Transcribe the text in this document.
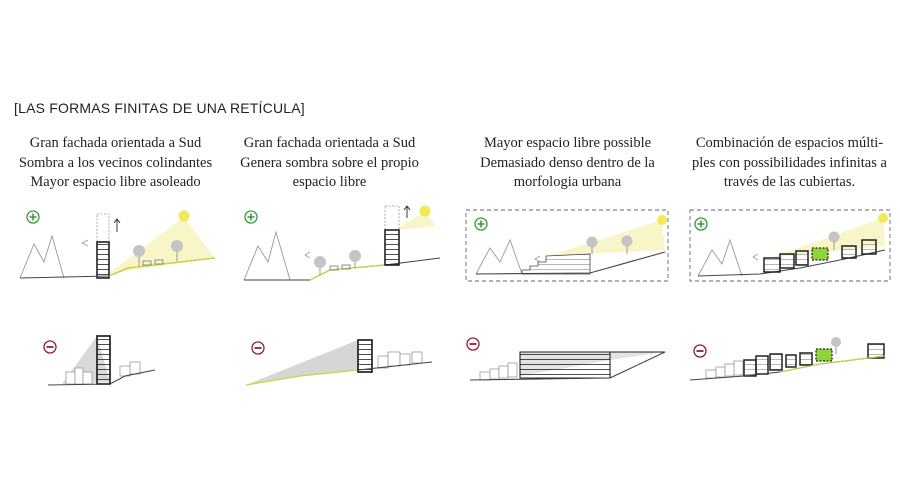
[LAS FORMAS FINITAS DE UNA RETÍCULA]
Gran fachada orientada a Sud
Sombra a los vecinos colindantes
Mayor espacio libre asoleado
Gran fachada orientada a Sud
Genera sombra sobre el propio
espacio libre
Mayor espacio libre possible
Demasiado denso dentro de la
morfologia urbana
Combinación de espacios múlti-
ples con possibilidades infinitas a
través de las cubiertas.
